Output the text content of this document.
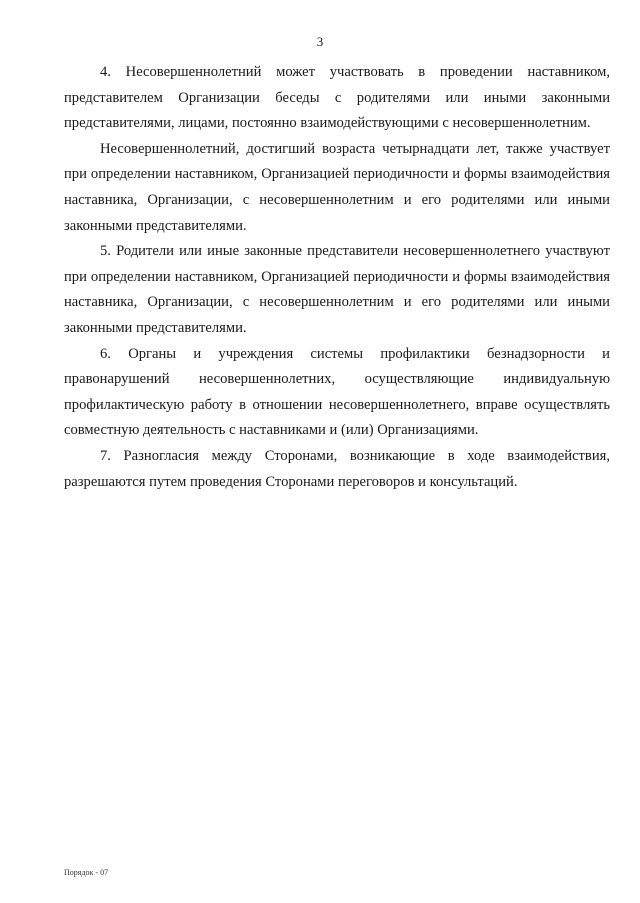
3

4. Несовершеннолетний может участвовать в проведении наставником, представителем Организации беседы с родителями или иными законными представителями, лицами, постоянно взаимодействующими с несовершеннолетним.

Несовершеннолетний, достигший возраста четырнадцати лет, также участвует при определении наставником, Организацией периодичности и формы взаимодействия наставника, Организации, с несовершеннолетним и его родителями или иными законными представителями.

5. Родители или иные законные представители несовершеннолетнего участвуют при определении наставником, Организацией периодичности и формы взаимодействия наставника, Организации, с несовершеннолетним и его родителями или иными законными представителями.

6. Органы и учреждения системы профилактики безнадзорности и правонарушений несовершеннолетних, осуществляющие индивидуальную профилактическую работу в отношении несовершеннолетнего, вправе осуществлять совместную деятельность с наставниками и (или) Организациями.

7. Разногласия между Сторонами, возникающие в ходе взаимодействия, разрешаются путем проведения Сторонами переговоров и консультаций.

Порядок - 07
